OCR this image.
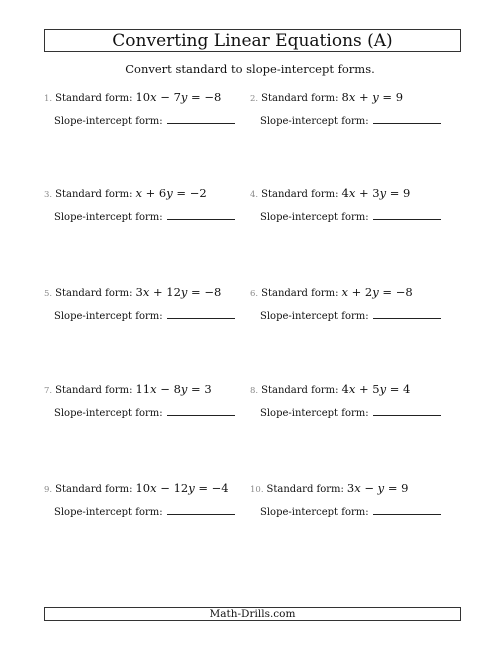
Converting Linear Equations (A)
Convert standard to slope-intercept forms.
1. Standard form: 10x − 7y = −8
Slope-intercept form:
2. Standard form: 8x + y = 9
Slope-intercept form:
3. Standard form: x + 6y = −2
Slope-intercept form:
4. Standard form: 4x + 3y = 9
Slope-intercept form:
5. Standard form: 3x + 12y = −8
Slope-intercept form:
6. Standard form: x + 2y = −8
Slope-intercept form:
7. Standard form: 11x − 8y = 3
Slope-intercept form:
8. Standard form: 4x + 5y = 4
Slope-intercept form:
9. Standard form: 10x − 12y = −4
Slope-intercept form:
10. Standard form: 3x − y = 9
Slope-intercept form:
Math-Drills.com
